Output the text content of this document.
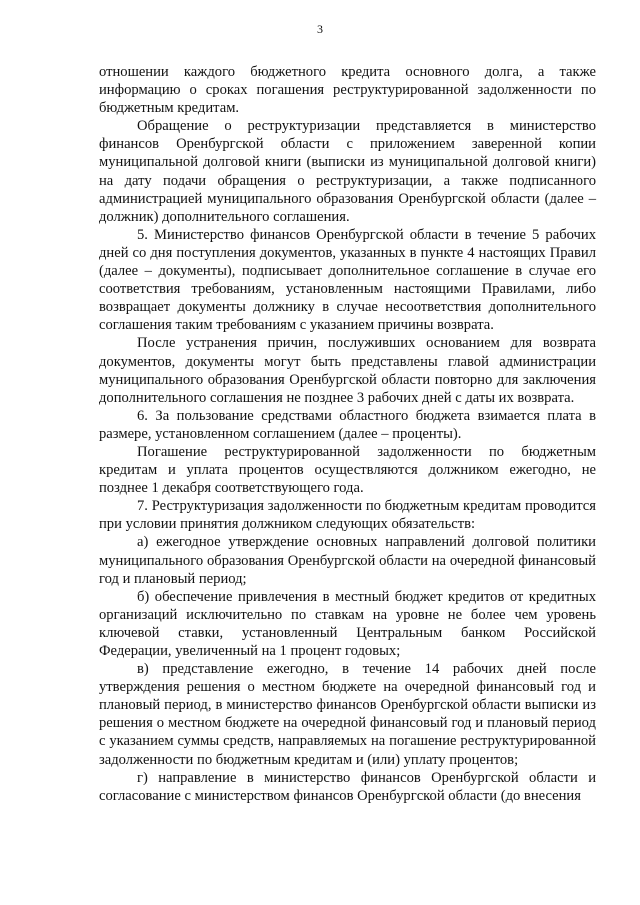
3

отношении каждого бюджетного кредита основного долга, а также информацию о сроках погашения реструктурированной задолженности по бюджетным кредитам.

Обращение о реструктуризации представляется в министерство финансов Оренбургской области с приложением заверенной копии муниципальной долговой книги (выписки из муниципальной долговой книги) на дату подачи обращения о реструктуризации, а также подписанного администрацией муниципального образования Оренбургской области (далее – должник) дополнительного соглашения.

5. Министерство финансов Оренбургской области в течение 5 рабочих дней со дня поступления документов, указанных в пункте 4 настоящих Правил (далее – документы), подписывает дополнительное соглашение в случае его соответствия требованиям, установленным настоящими Правилами, либо возвращает документы должнику в случае несоответствия дополнительного соглашения таким требованиям с указанием причины возврата.

После устранения причин, послуживших основанием для возврата документов, документы могут быть представлены главой администрации муниципального образования Оренбургской области повторно для заключения дополнительного соглашения не позднее 3 рабочих дней с даты их возврата.

6. За пользование средствами областного бюджета взимается плата в размере, установленном соглашением (далее – проценты).

Погашение реструктурированной задолженности по бюджетным кредитам и уплата процентов осуществляются должником ежегодно, не позднее 1 декабря соответствующего года.

7. Реструктуризация задолженности по бюджетным кредитам проводится при условии принятия должником следующих обязательств:

а) ежегодное утверждение основных направлений долговой политики муниципального образования Оренбургской области на очередной финансовый год и плановый период;

б) обеспечение привлечения в местный бюджет кредитов от кредитных организаций исключительно по ставкам на уровне не более чем уровень ключевой ставки, установленный Центральным банком Российской Федерации, увеличенный на 1 процент годовых;

в) представление ежегодно, в течение 14 рабочих дней после утверждения решения о местном бюджете на очередной финансовый год и плановый период, в министерство финансов Оренбургской области выписки из решения о местном бюджете на очередной финансовый год и плановый период с указанием суммы средств, направляемых на погашение реструктурированной задолженности по бюджетным кредитам и (или) уплату процентов;

г) направление в министерство финансов Оренбургской области и согласование с министерством финансов Оренбургской области (до внесения
